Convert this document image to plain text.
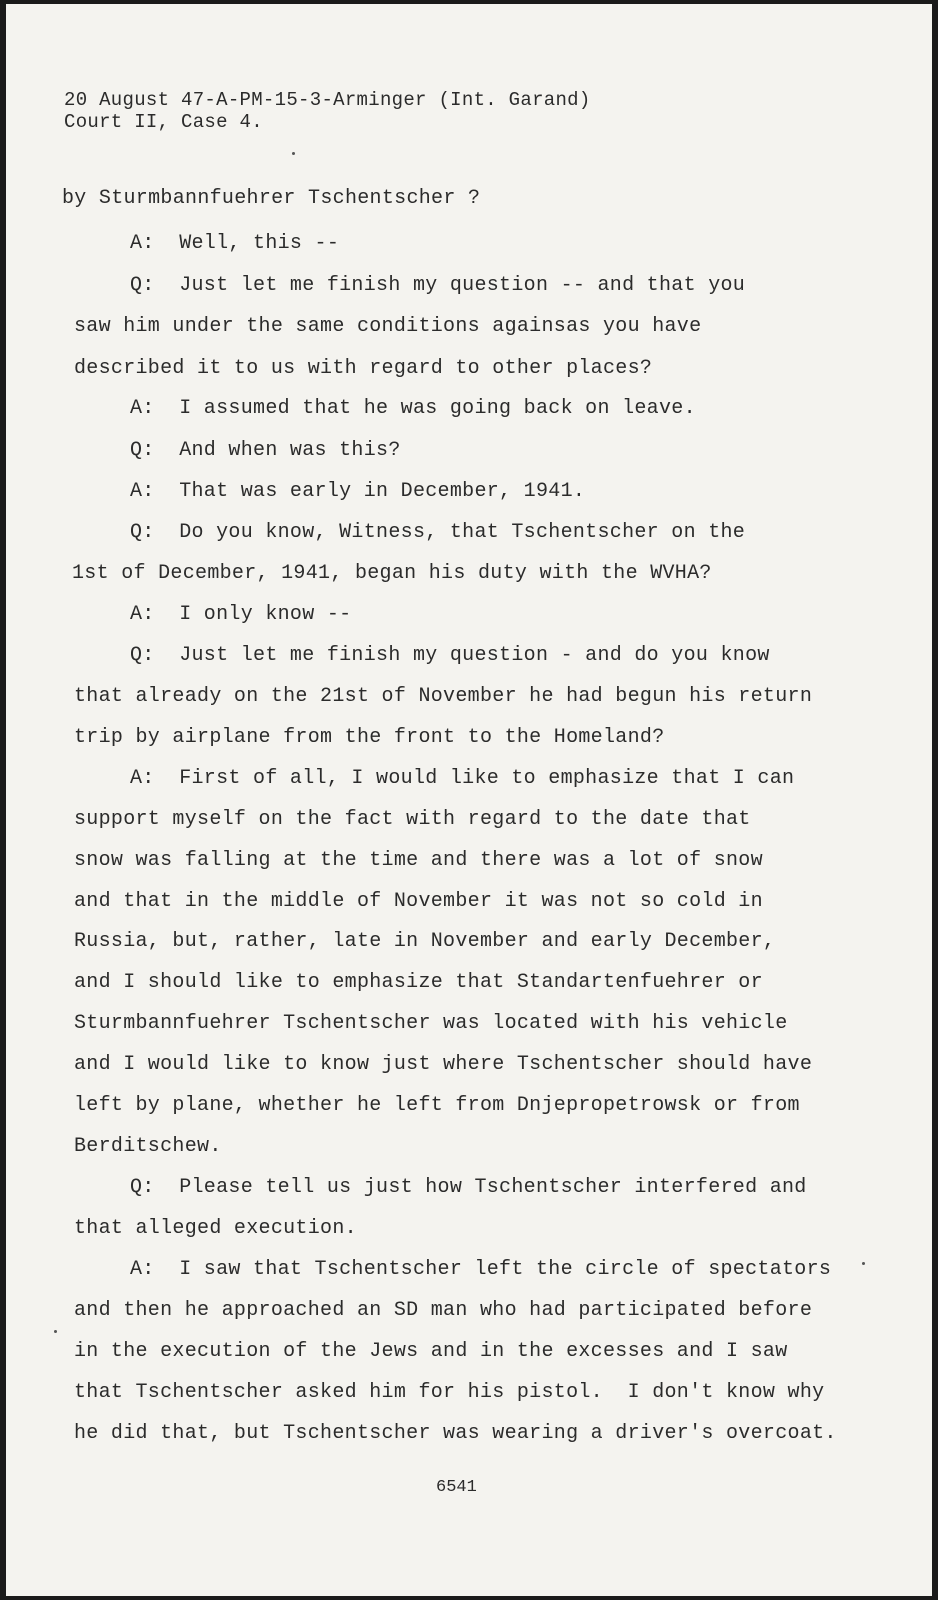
20 August 47-A-PM-15-3-Arminger (Int. Garand)
Court II, Case 4.
by Sturmbannfuehrer Tschentscher ?
A:  Well, this --
Q:  Just let me finish my question -- and that you
saw him under the same conditions againsas you have
described it to us with regard to other places?
A:  I assumed that he was going back on leave.
Q:  And when was this?
A:  That was early in December, 1941.
Q:  Do you know, Witness, that Tschentscher on the
1st of December, 1941, began his duty with the WVHA?
A:  I only know --
Q:  Just let me finish my question - and do you know
that already on the 21st of November he had begun his return
trip by airplane from the front to the Homeland?
A:  First of all, I would like to emphasize that I can
support myself on the fact with regard to the date that
snow was falling at the time and there was a lot of snow
and that in the middle of November it was not so cold in
Russia, but, rather, late in November and early December,
and I should like to emphasize that Standartenfuehrer or
Sturmbannfuehrer Tschentscher was located with his vehicle
and I would like to know just where Tschentscher should have
left by plane, whether he left from Dnjepropetrowsk or from
Berditschew.
Q:  Please tell us just how Tschentscher interfered and
that alleged execution.
A:  I saw that Tschentscher left the circle of spectators
and then he approached an SD man who had participated before
in the execution of the Jews and in the excesses and I saw
that Tschentscher asked him for his pistol.  I don't know why
he did that, but Tschentscher was wearing a driver's overcoat.
6541
